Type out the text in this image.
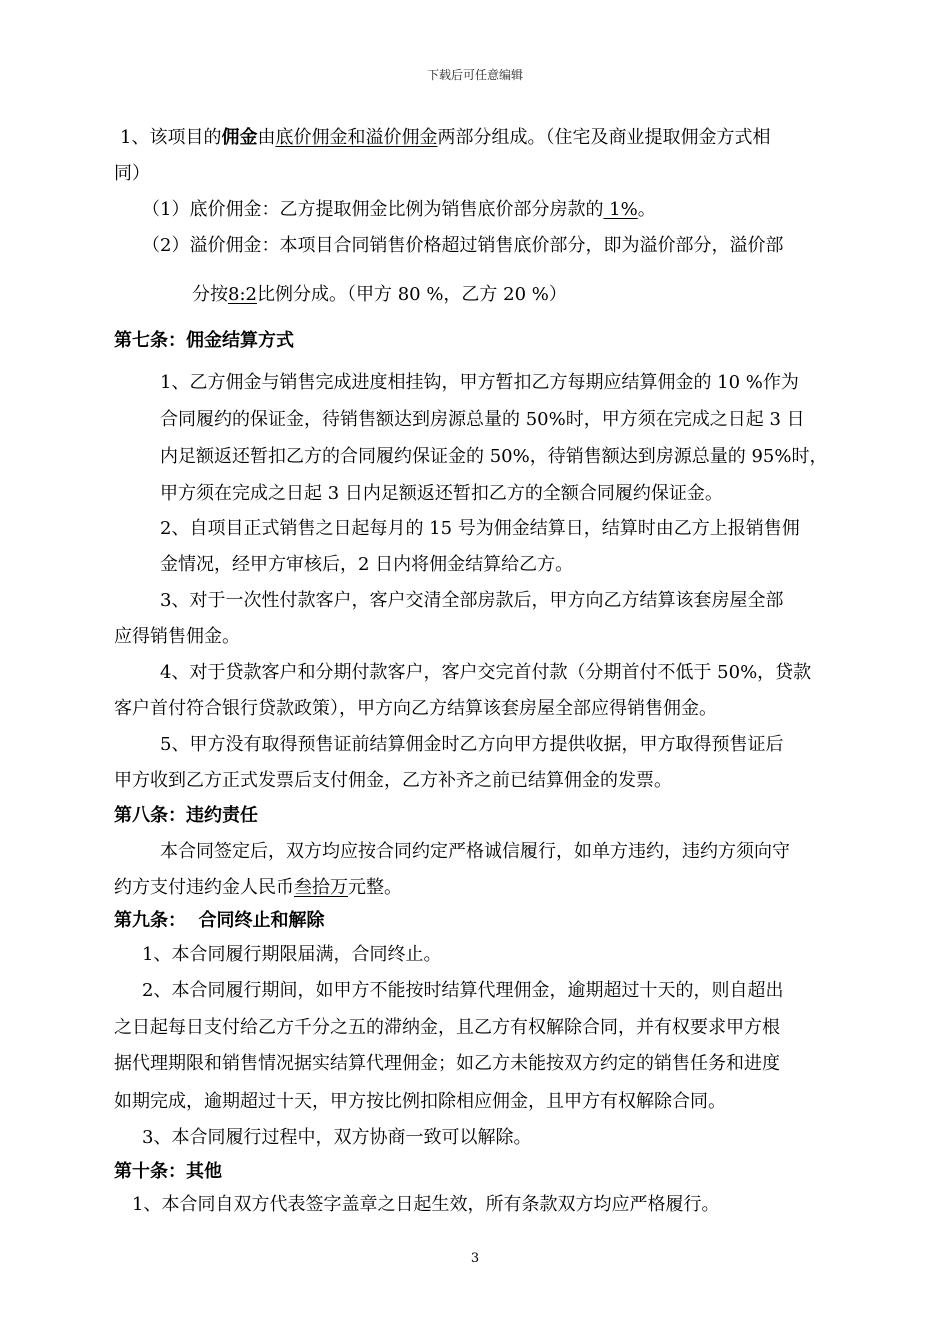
下载后可任意编辑
1、该项目的佣金由底价佣金和溢价佣金两部分组成。（住宅及商业提取佣金方式相
同）
（1）底价佣金：乙方提取佣金比例为销售底价部分房款的 1%。
（2）溢价佣金：本项目合同销售价格超过销售底价部分，即为溢价部分，溢价部
分按8:2比例分成。（甲方 80 %，乙方 20 %）
第七条：佣金结算方式
1、乙方佣金与销售完成进度相挂钩，甲方暂扣乙方每期应结算佣金的 10 %作为
合同履约的保证金，待销售额达到房源总量的 50%时，甲方须在完成之日起 3 日
内足额返还暂扣乙方的合同履约保证金的 50%，待销售额达到房源总量的 95%时，
甲方须在完成之日起 3 日内足额返还暂扣乙方的全额合同履约保证金。
2、自项目正式销售之日起每月的 15 号为佣金结算日，结算时由乙方上报销售佣
金情况，经甲方审核后，2 日内将佣金结算给乙方。
3、对于一次性付款客户，客户交清全部房款后，甲方向乙方结算该套房屋全部
应得销售佣金。
4、对于贷款客户和分期付款客户，客户交完首付款（分期首付不低于 50%，贷款
客户首付符合银行贷款政策），甲方向乙方结算该套房屋全部应得销售佣金。
5、甲方没有取得预售证前结算佣金时乙方向甲方提供收据，甲方取得预售证后
甲方收到乙方正式发票后支付佣金，乙方补齐之前已结算佣金的发票。
第八条：违约责任
本合同签定后，双方均应按合同约定严格诚信履行，如单方违约，违约方须向守
约方支付违约金人民币叁拾万元整。
第九条：  合同终止和解除
1、本合同履行期限届满，合同终止。
2、本合同履行期间，如甲方不能按时结算代理佣金，逾期超过十天的，则自超出
之日起每日支付给乙方千分之五的滞纳金，且乙方有权解除合同，并有权要求甲方根
据代理期限和销售情况据实结算代理佣金；如乙方未能按双方约定的销售任务和进度
如期完成，逾期超过十天，甲方按比例扣除相应佣金，且甲方有权解除合同。
3、本合同履行过程中，双方协商一致可以解除。
第十条：其他
1、本合同自双方代表签字盖章之日起生效，所有条款双方均应严格履行。
3
